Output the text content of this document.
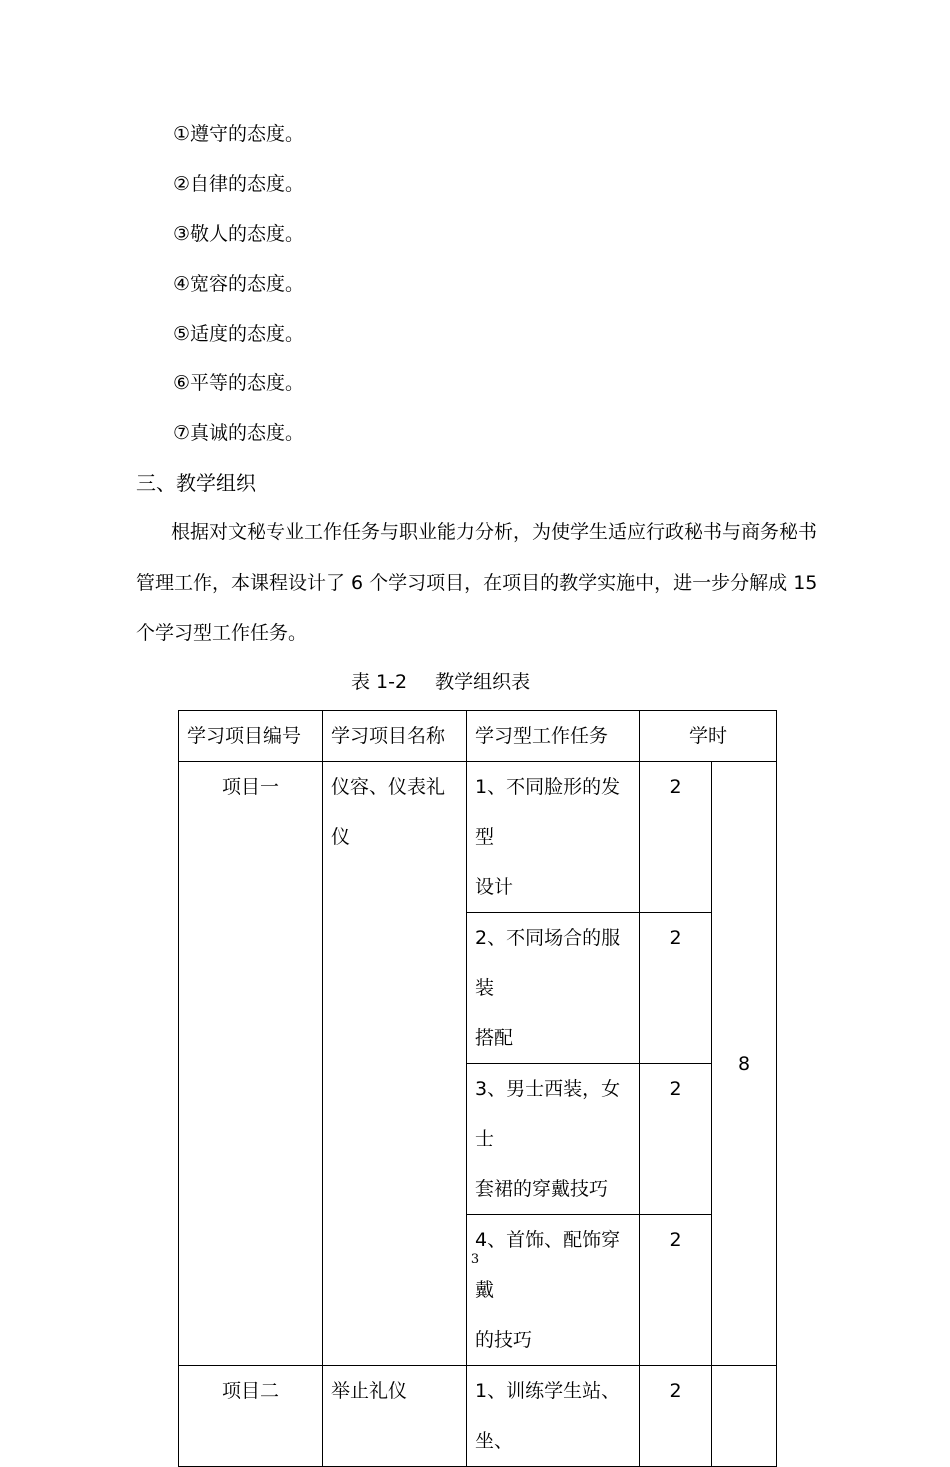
①遵守的态度。
②自律的态度。
③敬人的态度。
④宽容的态度。
⑤适度的态度。
⑥平等的态度。
⑦真诚的态度。
三、教学组织
根据对文秘专业工作任务与职业能力分析，为使学生适应行政秘书与商务秘书
管理工作，本课程设计了 6 个学习项目，在项目的教学实施中，进一步分解成 15
个学习型工作任务。
表 1-2 教学组织表
学习项目编号	学习项目名称	学习型工作任务	学时	
项目一	仪容、仪表礼仪	1、不同脸形的发型
设计	2	8

		2、不同场合的服装
搭配	2	

		3、男士西装，女士
套裙的穿戴技巧	2	

		4、首饰、配饰穿戴
的技巧	2	
项目二	举止礼仪	1、训练学生站、坐、	2	
3
